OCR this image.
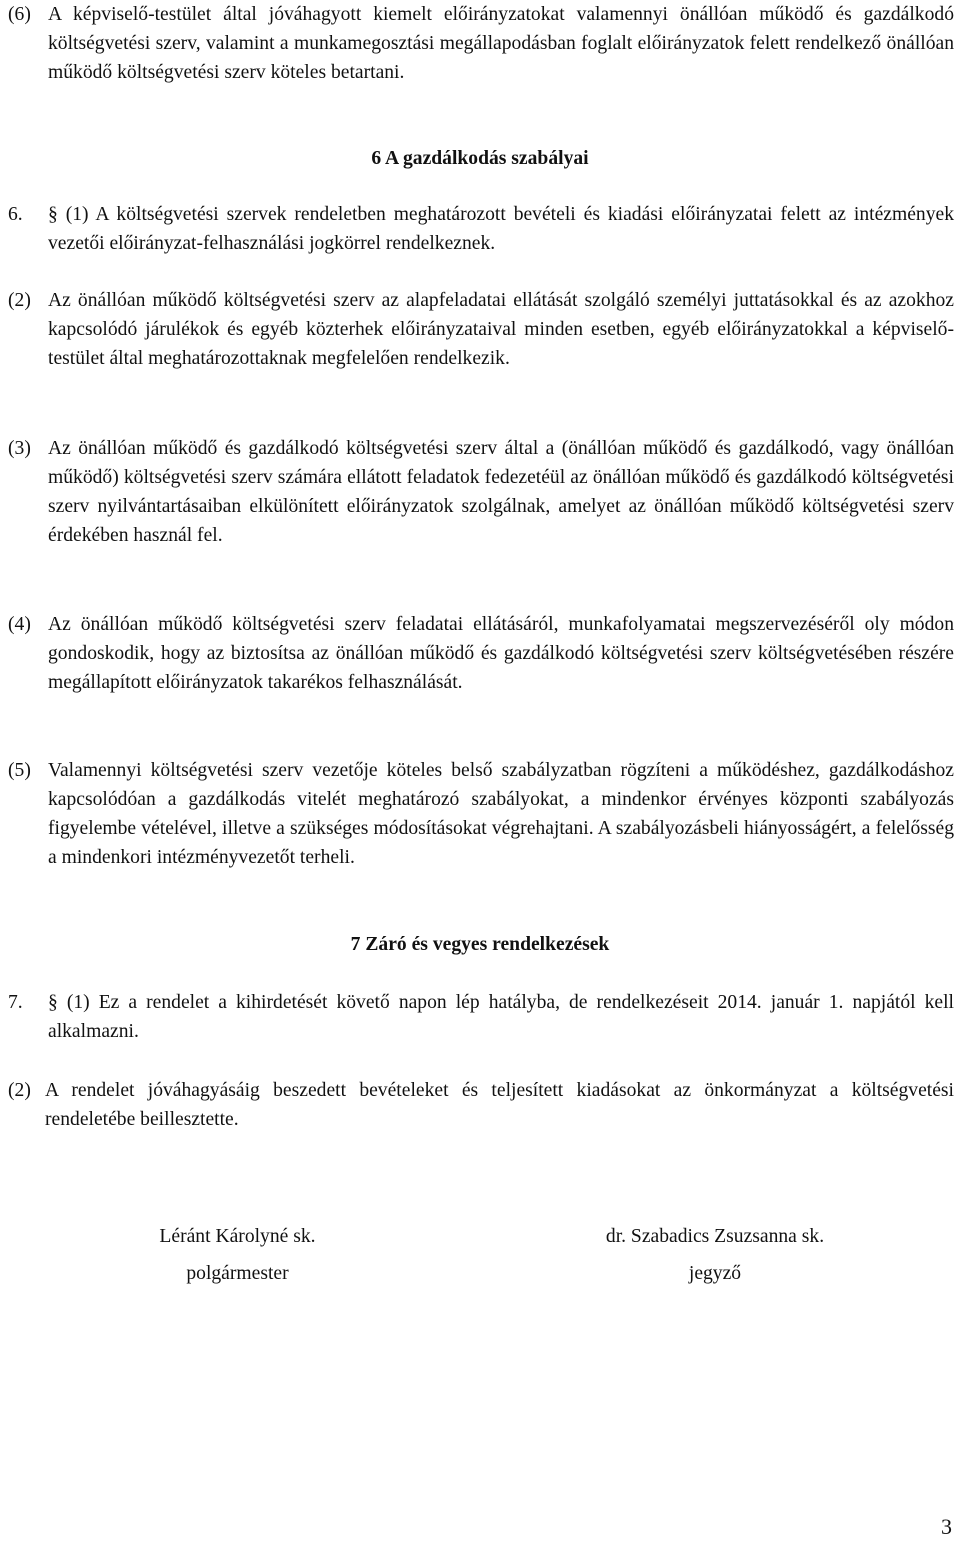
(6) A képviselő-testület által jóváhagyott kiemelt előirányzatokat valamennyi önállóan működő és gazdálkodó költségvetési szerv, valamint a munkamegosztási megállapodásban foglalt előirányzatok felett rendelkező önállóan működő költségvetési szerv köteles betartani.
6 A gazdálkodás szabályai
6.	§ (1) A költségvetési szervek rendeletben meghatározott bevételi és kiadási előirányzatai felett az intézmények vezetői előirányzat-felhasználási jogkörrel rendelkeznek.
(2) Az önállóan működő költségvetési szerv az alapfeladatai ellátását szolgáló személyi juttatásokkal és az azokhoz kapcsolódó járulékok és egyéb közterhek előirányzataival minden esetben, egyéb előirányzatokkal a képviselő-testület által meghatározottaknak megfelelően rendelkezik.
(3) Az önállóan működő és gazdálkodó költségvetési szerv által a (önállóan működő és gazdálkodó, vagy önállóan működő) költségvetési szerv számára ellátott feladatok fedezetéül az önállóan működő és gazdálkodó költségvetési szerv nyilvántartásaiban elkülönített előirányzatok szolgálnak, amelyet az önállóan működő költségvetési szerv érdekében használ fel.
(4) Az önállóan működő költségvetési szerv feladatai ellátásáról, munkafolyamatai megszervezéséről oly módon gondoskodik, hogy az biztosítsa az önállóan működő és gazdálkodó költségvetési szerv költségvetésében részére megállapított előirányzatok takarékos felhasználását.
(5) Valamennyi költségvetési szerv vezetője köteles belső szabályzatban rögzíteni a működéshez, gazdálkodáshoz kapcsolódóan a gazdálkodás vitelét meghatározó szabályokat, a mindenkor érvényes központi szabályozás figyelembe vételével, illetve a szükséges módosításokat végrehajtani. A szabályozásbeli hiányosságért, a felelősség a mindenkori intézményvezetőt terheli.
7 Záró és vegyes rendelkezések
7.	§ (1) Ez a rendelet a kihirdetését követő napon lép hatályba, de rendelkezéseit 2014. január 1. napjától kell alkalmazni.
(2) A rendelet jóváhagyásáig beszedett bevételeket és teljesített kiadásokat az önkormányzat a költségvetési rendeletébe beillesztette.
Léránt Károlyné sk.
polgármester
dr. Szabadics Zsuzsanna sk.
jegyző
3
